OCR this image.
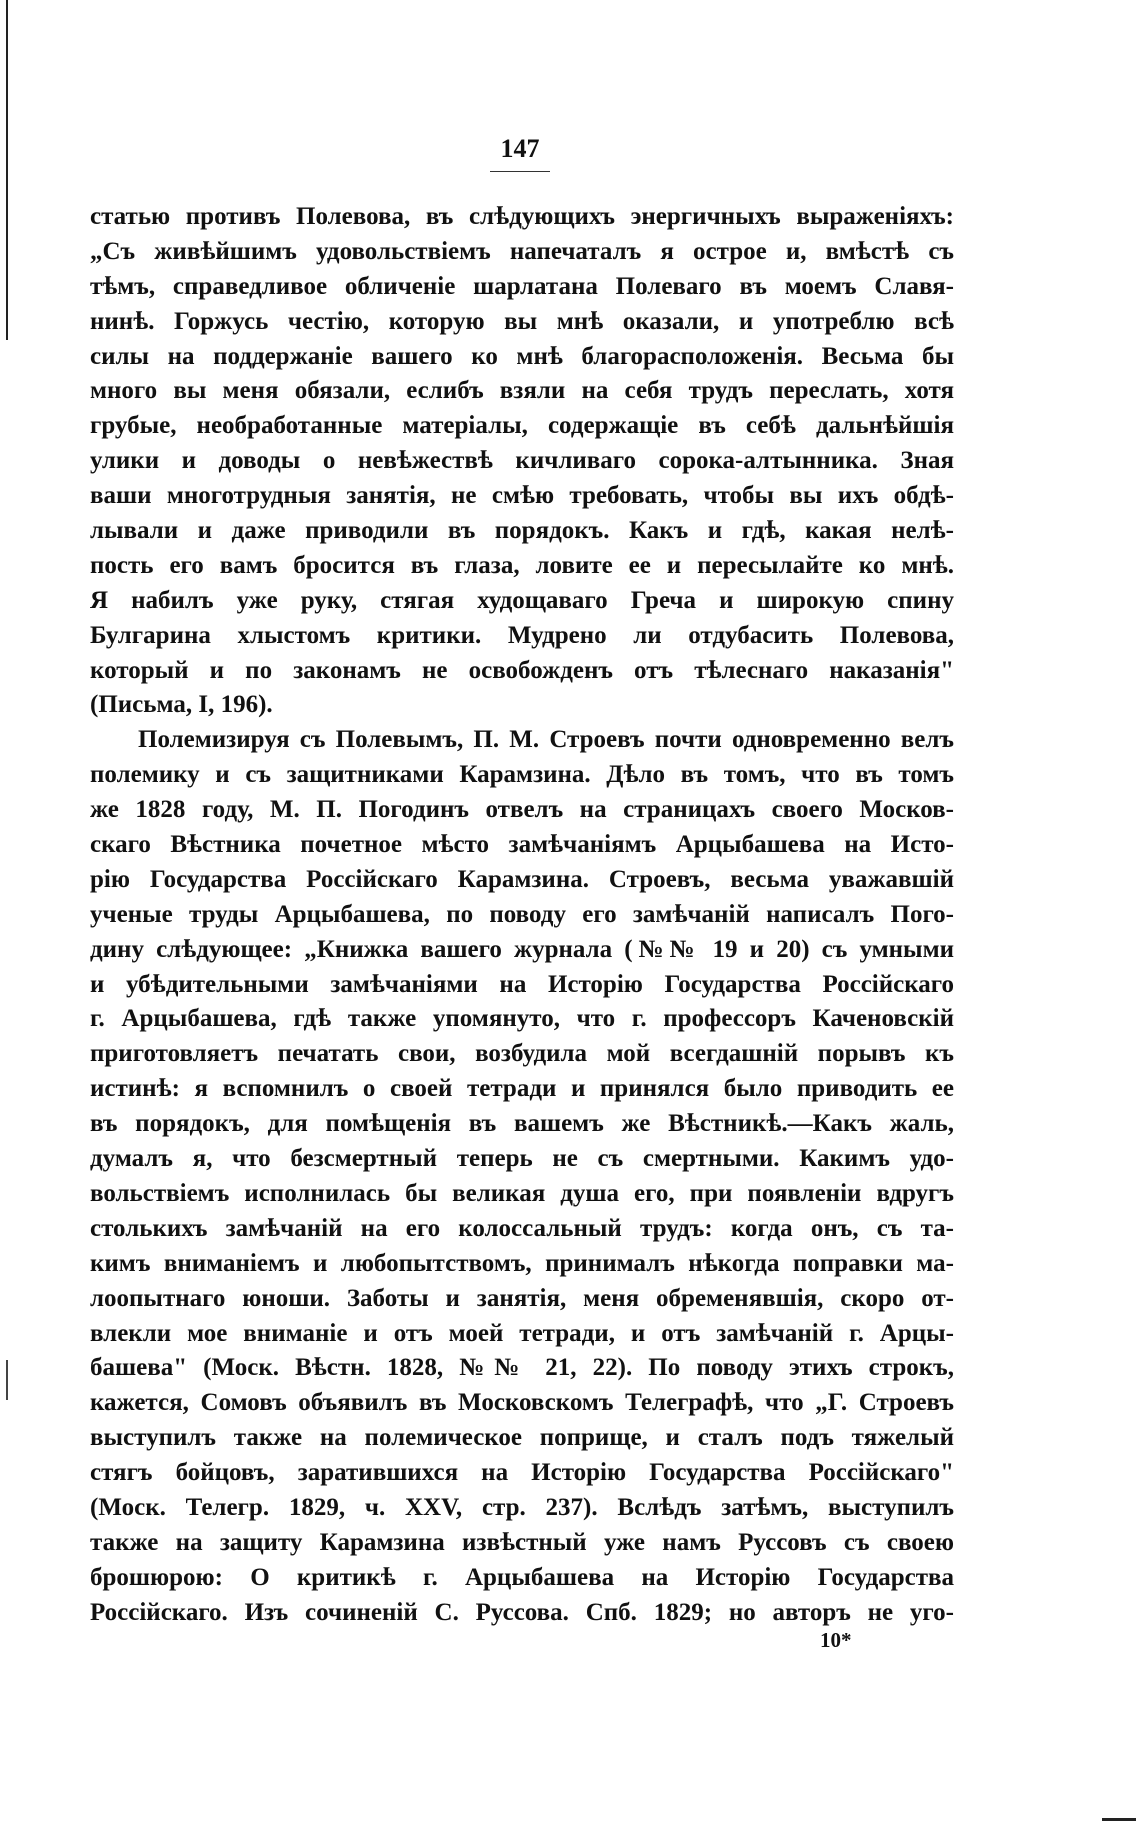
147
статью противъ Полевова, въ слѣдующихъ энергичныхъ выраженіяхъ:
„Съ живѣйшимъ удовольствіемъ напечаталъ я острое и, вмѣстѣ съ
тѣмъ, справедливое обличеніе шарлатана Полеваго въ моемъ Славя-
нинѣ. Горжусь честію, которую вы мнѣ оказали, и употреблю всѣ
силы на поддержаніе вашего ко мнѣ благорасположенія. Весьма бы
много вы меня обязали, еслибъ взяли на себя трудъ переслать, хотя
грубые, необработанные матеріалы, содержащіе въ себѣ дальнѣйшія
улики и доводы о невѣжествѣ кичливаго сорока-алтынника. Зная
ваши многотрудныя занятія, не смѣю требовать, чтобы вы ихъ обдѣ-
лывали и даже приводили въ порядокъ. Какъ и гдѣ, какая нелѣ-
пость его вамъ бросится въ глаза, ловите ее и пересылайте ко мнѣ.
Я набилъ уже руку, стягая худощаваго Греча и широкую спину
Булгарина хлыстомъ критики. Мудрено ли отдубасить Полевова,
который и по законамъ не освобожденъ отъ тѣлеснаго наказанія"
(Письма, I, 196).
Полемизируя съ Полевымъ, П. М. Строевъ почти одновременно велъ
полемику и съ защитниками Карамзина. Дѣло въ томъ, что въ томъ
же 1828 году, М. П. Погодинъ отвелъ на страницахъ своего Москов-
скаго Вѣстника почетное мѣсто замѣчаніямъ Арцыбашева на Исто-
рію Государства Россійскаго Карамзина. Строевъ, весьма уважавшій
ученые труды Арцыбашева, по поводу его замѣчаній написалъ Пого-
дину слѣдующее: „Книжка вашего журнала (№№ 19 и 20) съ умными
и убѣдительными замѣчаніями на Исторію Государства Россійскаго
г. Арцыбашева, гдѣ также упомянуто, что г. профессоръ Каченовскій
приготовляетъ печатать свои, возбудила мой всегдашній порывъ къ
истинѣ: я вспомнилъ о своей тетради и принялся было приводить ее
въ порядокъ, для помѣщенія въ вашемъ же Вѣстникѣ.—Какъ жаль,
думалъ я, что безсмертный теперь не съ смертными. Какимъ удо-
вольствіемъ исполнилась бы великая душа его, при появленіи вдругъ
столькихъ замѣчаній на его колоссальный трудъ: когда онъ, съ та-
кимъ вниманіемъ и любопытствомъ, принималъ нѣкогда поправки ма-
лоопытнаго юноши. Заботы и занятія, меня обременявшія, скоро от-
влекли мое вниманіе и отъ моей тетради, и отъ замѣчаній г. Арцы-
башева" (Моск. Вѣстн. 1828, №№ 21, 22). По поводу этихъ строкъ,
кажется, Сомовъ объявилъ въ Московскомъ Телеграфѣ, что „Г. Строевъ
выступилъ также на полемическое поприще, и сталъ подъ тяжелый
стягъ бойцовъ, заратившихся на Исторію Государства Россійскаго"
(Моск. Телегр. 1829, ч. XXV, стр. 237). Вслѣдъ затѣмъ, выступилъ
также на защиту Карамзина извѣстный уже намъ Руссовъ съ своею
брошюрою: О критикѣ г. Арцыбашева на Исторію Государства
Россійскаго. Изъ сочиненій С. Руссова. Спб. 1829; но авторъ не уго-
10*
